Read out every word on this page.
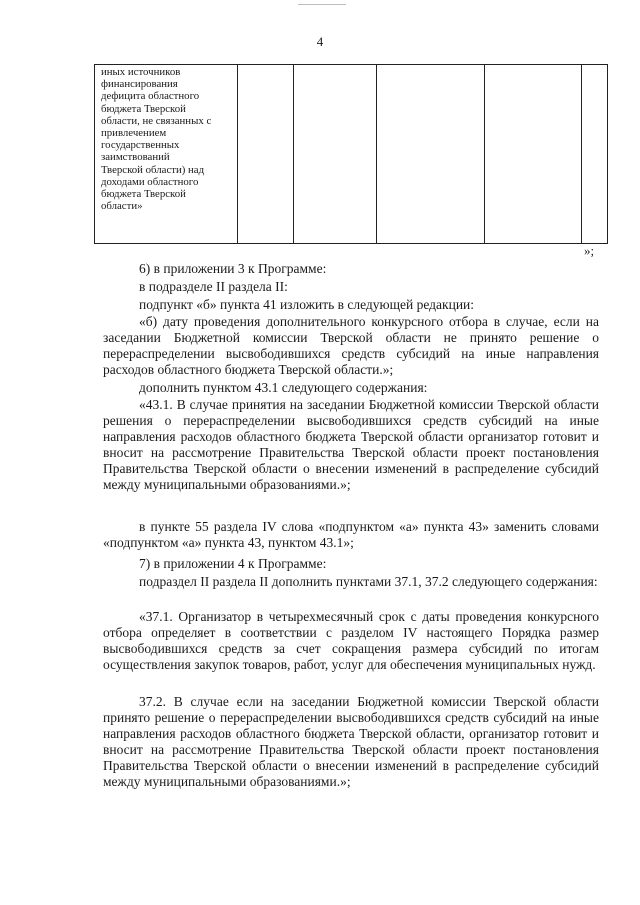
4
иных источников
финансирования
дефицита областного
бюджета Тверской
области, не связанных с
привлечением
государственных
заимствований
Тверской области) над
доходами областного
бюджета Тверской
области»

»;

6) в приложении 3 к Программе:

в подразделе II раздела II:

подпункт «б» пункта 41 изложить в следующей редакции:

«б) дату проведения дополнительного конкурсного отбора в случае, если на заседании Бюджетной комиссии Тверской области не принято решение о перераспределении высвободившихся средств субсидий на иные направления расходов областного бюджета Тверской области.»;

дополнить пунктом 43.1 следующего содержания:

«43.1. В случае принятия на заседании Бюджетной комиссии Тверской области решения о перераспределении высвободившихся средств субсидий на иные направления расходов областного бюджета Тверской области организатор готовит и вносит на рассмотрение Правительства Тверской области проект постановления Правительства Тверской области о внесении изменений в распределение субсидий между муниципальными образованиями.»;

в пункте 55 раздела IV слова «подпунктом «а» пункта 43» заменить словами «подпунктом «а» пункта 43, пунктом 43.1»;

7) в приложении 4 к Программе:

подраздел II раздела II дополнить пунктами 37.1, 37.2 следующего содержания:

«37.1. Организатор в четырехмесячный срок с даты проведения конкурсного отбора определяет в соответствии с разделом IV настоящего Порядка размер высвободившихся средств за счет сокращения размера субсидий по итогам осуществления закупок товаров, работ, услуг для обеспечения муниципальных нужд.

37.2. В случае если на заседании Бюджетной комиссии Тверской области принято решение о перераспределении высвободившихся средств субсидий на иные направления расходов областного бюджета Тверской области, организатор готовит и вносит на рассмотрение Правительства Тверской области проект постановления Правительства Тверской области о внесении изменений в распределение субсидий между муниципальными образованиями.»;
